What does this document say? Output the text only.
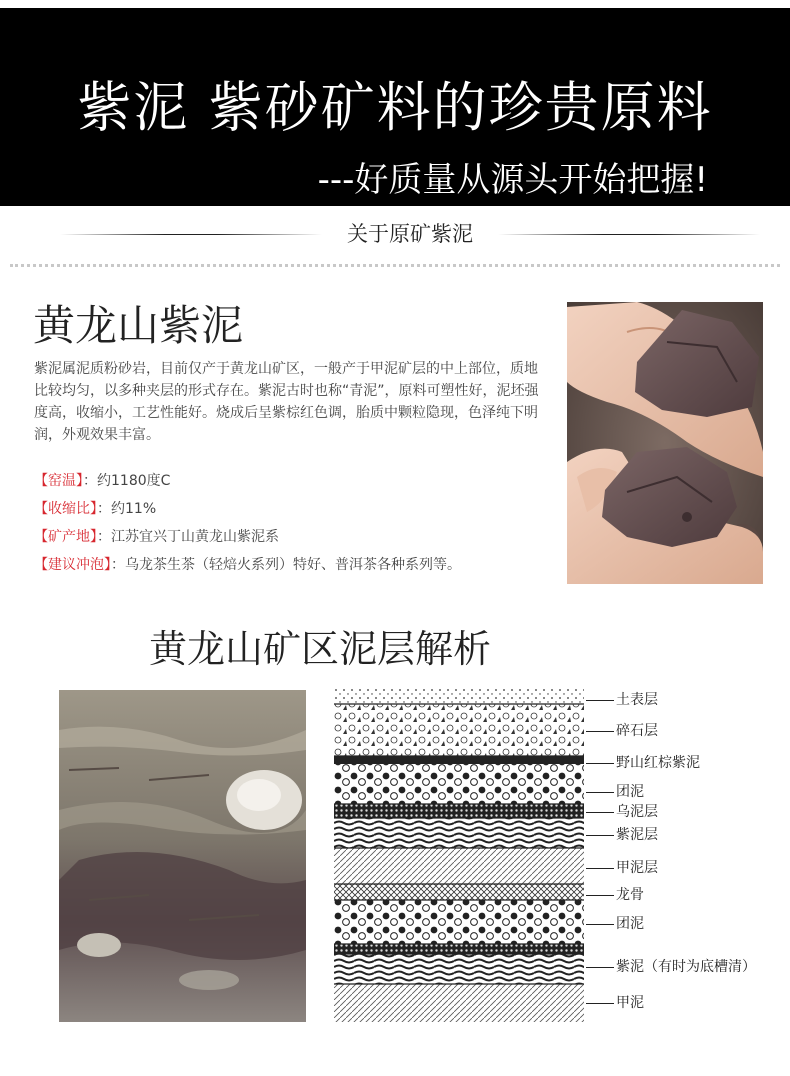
紫泥 紫砂矿料的珍贵原料
---好质量从源头开始把握!
关于原矿紫泥
黄龙山紫泥
紫泥属泥质粉砂岩，目前仅产于黄龙山矿区，一般产于甲泥矿层的中上部位，质地比较均匀，以多种夹层的形式存在。紫泥古时也称“青泥”，原料可塑性好，泥坯强度高，收缩小，工艺性能好。烧成后呈紫棕红色调，胎质中颗粒隐现，色泽纯下明润，外观效果丰富。
【窑温】：约1180度C
【收缩比】：约11%
【矿产地】：江苏宜兴丁山黄龙山紫泥系
【建议冲泡】：乌龙茶生茶（轻焙火系列）特好、普洱茶各种系列等。
黄龙山矿区泥层解析
土表层
碎石层
野山红棕紫泥
团泥
乌泥层
紫泥层
甲泥层
龙骨
团泥
紫泥（有时为底槽清）
甲泥
